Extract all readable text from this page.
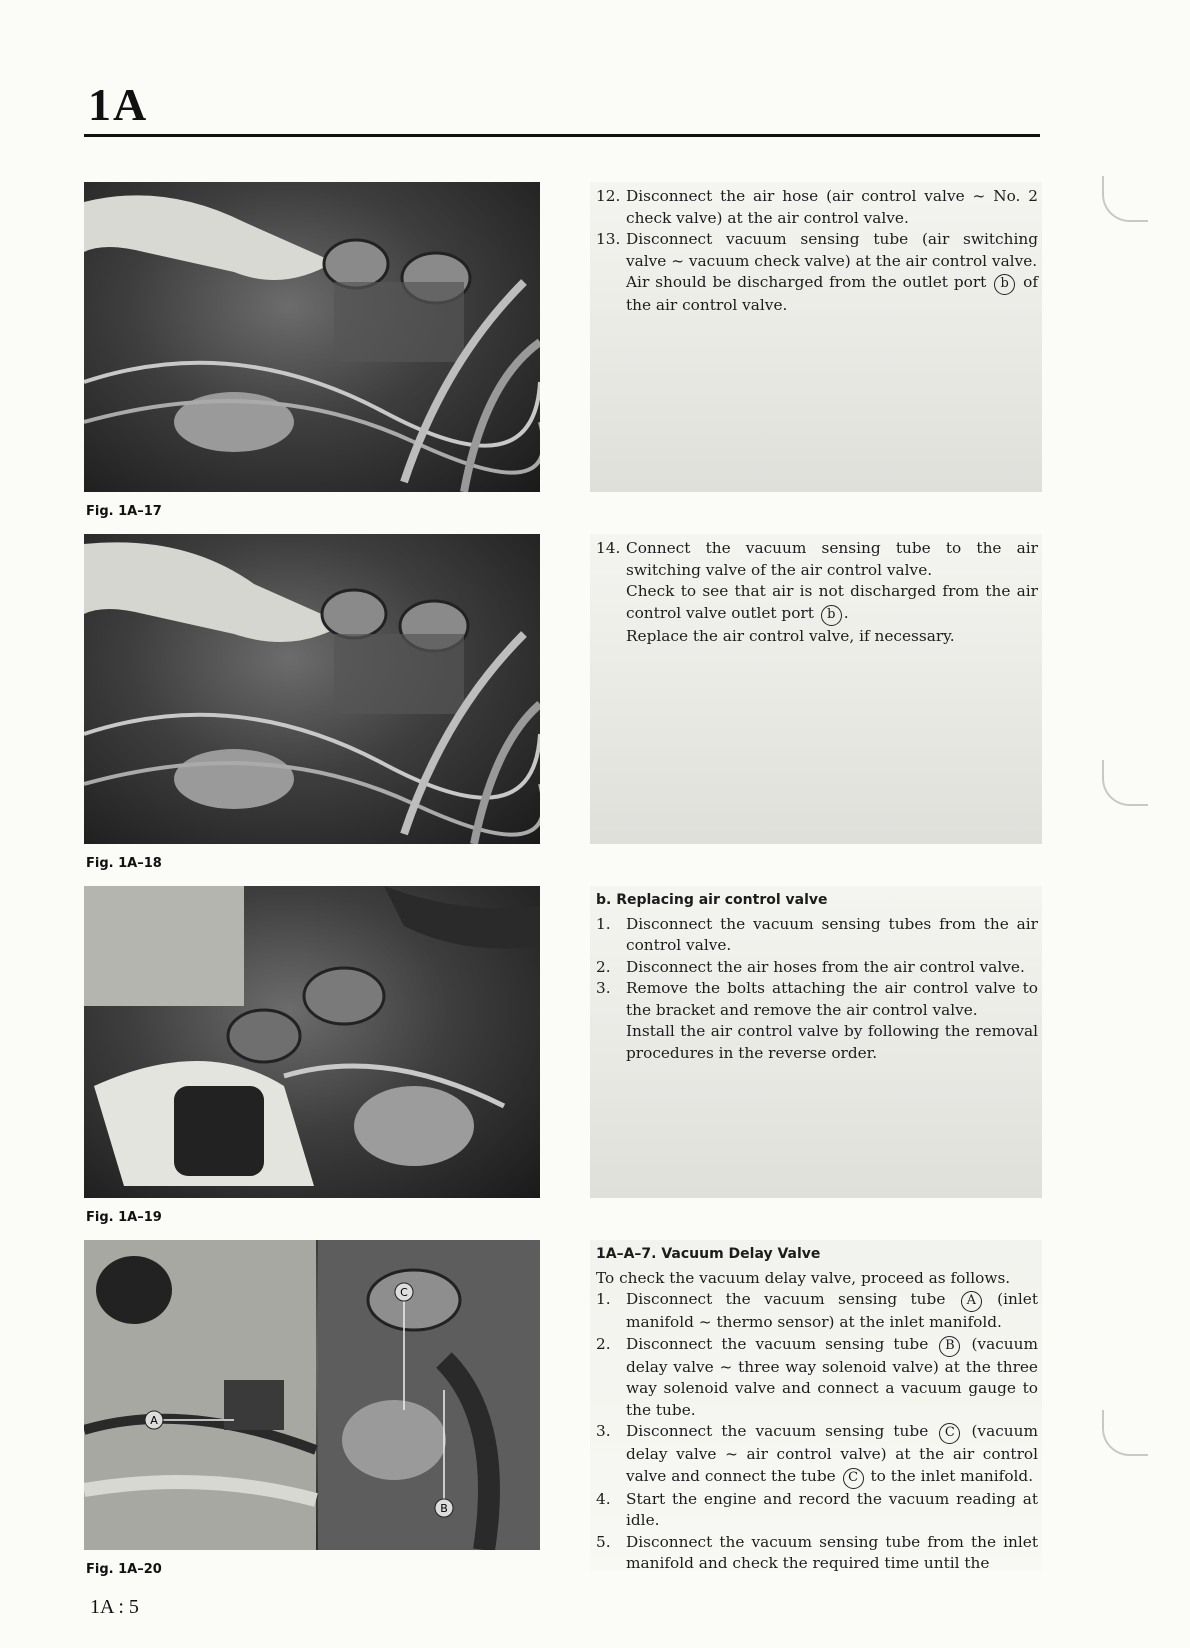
1A
Fig. 1A–17
Fig. 1A–18
Fig. 1A–19
A
C
B
Fig. 1A–20
12. Disconnect the air hose (air control valve ~ No. 2 check valve) at the air control valve.

13. Disconnect vacuum sensing tube (air switching valve ~ vacuum check valve) at the air control valve.

Air should be discharged from the outlet port b of the air control valve.

14. Connect the vacuum sensing tube to the air switching valve of the air control valve.

Check to see that air is not discharged from the air control valve outlet port b .

Replace the air control valve, if necessary.

b. Replacing air control valve

1. Disconnect the vacuum sensing tubes from the air control valve.

2. Disconnect the air hoses from the air control valve.

3. Remove the bolts attaching the air control valve to the bracket and remove the air control valve.

Install the air control valve by following the removal procedures in the reverse order.

1A–A–7. Vacuum Delay Valve

To check the vacuum delay valve, proceed as follows.

1. Disconnect the vacuum sensing tube A (inlet manifold ~ thermo sensor) at the inlet manifold.

2. Disconnect the vacuum sensing tube B (vacuum delay valve ~ three way solenoid valve) at the three way solenoid valve and connect a vacuum gauge to the tube.

3. Disconnect the vacuum sensing tube C (vacuum delay valve ~ air control valve) at the air control valve and connect the tube C to the inlet manifold.

4. Start the engine and record the vacuum reading at idle.

5. Disconnect the vacuum sensing tube from the inlet manifold and check the required time until the

1A : 5
